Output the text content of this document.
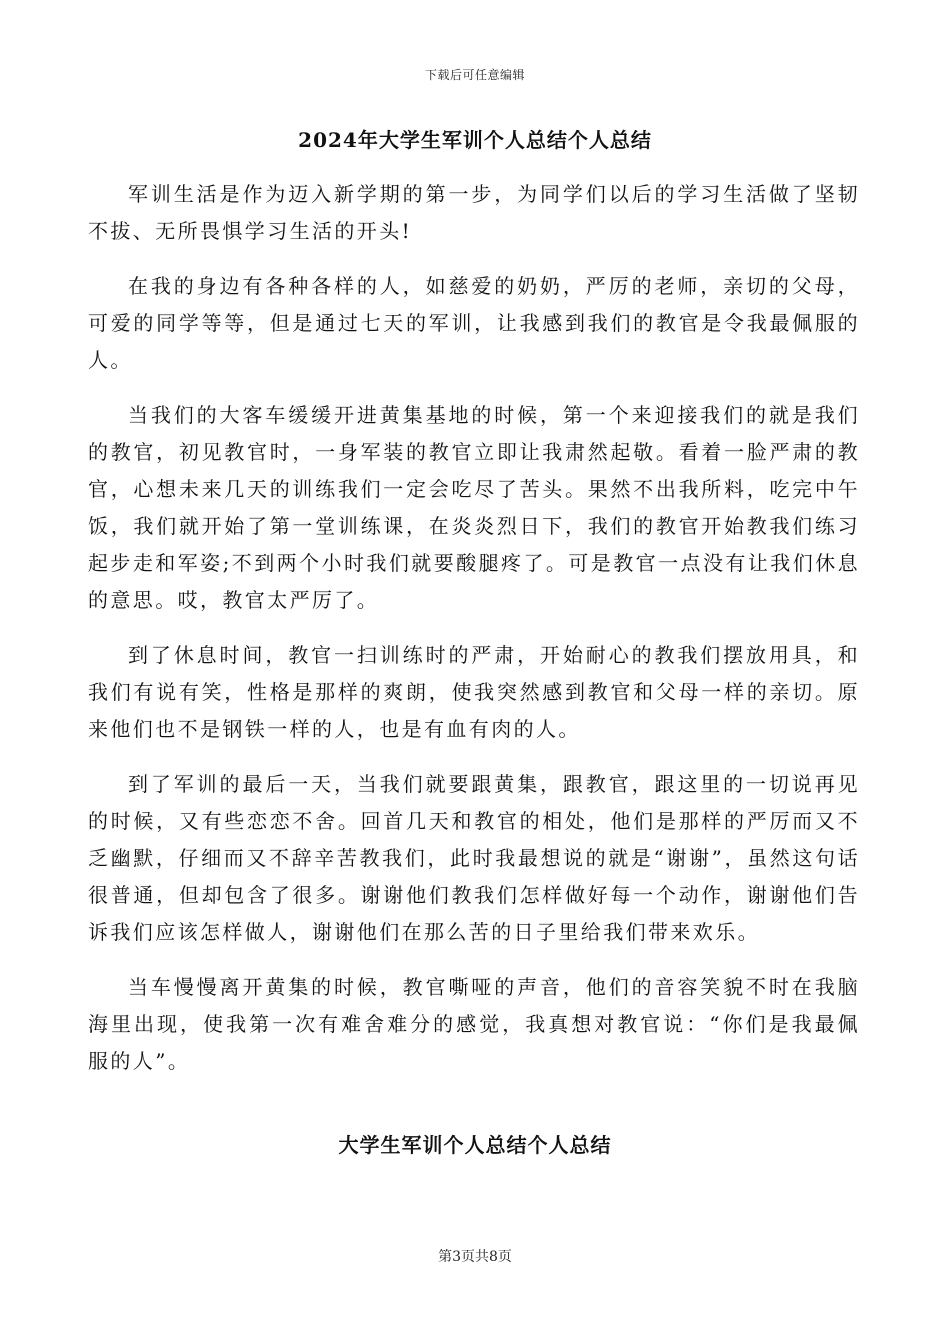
下载后可任意编辑
2024年大学生军训个人总结个人总结

军训生活是作为迈入新学期的第一步，为同学们以后的学习生活做了坚韧不拔、无所畏惧学习生活的开头!

在我的身边有各种各样的人，如慈爱的奶奶，严厉的老师，亲切的父母，可爱的同学等等，但是通过七天的军训，让我感到我们的教官是令我最佩服的人。

当我们的大客车缓缓开进黄集基地的时候，第一个来迎接我们的就是我们的教官，初见教官时，一身军装的教官立即让我肃然起敬。看着一脸严肃的教官，心想未来几天的训练我们一定会吃尽了苦头。果然不出我所料，吃完中午饭，我们就开始了第一堂训练课，在炎炎烈日下，我们的教官开始教我们练习起步走和军姿;不到两个小时我们就要酸腿疼了。可是教官一点没有让我们休息的意思。哎，教官太严厉了。

到了休息时间，教官一扫训练时的严肃，开始耐心的教我们摆放用具，和我们有说有笑，性格是那样的爽朗，使我突然感到教官和父母一样的亲切。原来他们也不是钢铁一样的人，也是有血有肉的人。

到了军训的最后一天，当我们就要跟黄集，跟教官，跟这里的一切说再见的时候，又有些恋恋不舍。回首几天和教官的相处，他们是那样的严厉而又不乏幽默，仔细而又不辞辛苦教我们，此时我最想说的就是“谢谢”，虽然这句话很普通，但却包含了很多。谢谢他们教我们怎样做好每一个动作，谢谢他们告诉我们应该怎样做人，谢谢他们在那么苦的日子里给我们带来欢乐。

当车慢慢离开黄集的时候，教官嘶哑的声音，他们的音容笑貌不时在我脑海里出现，使我第一次有难舍难分的感觉，我真想对教官说：“你们是我最佩服的人”。

大学生军训个人总结个人总结
第3页共8页
